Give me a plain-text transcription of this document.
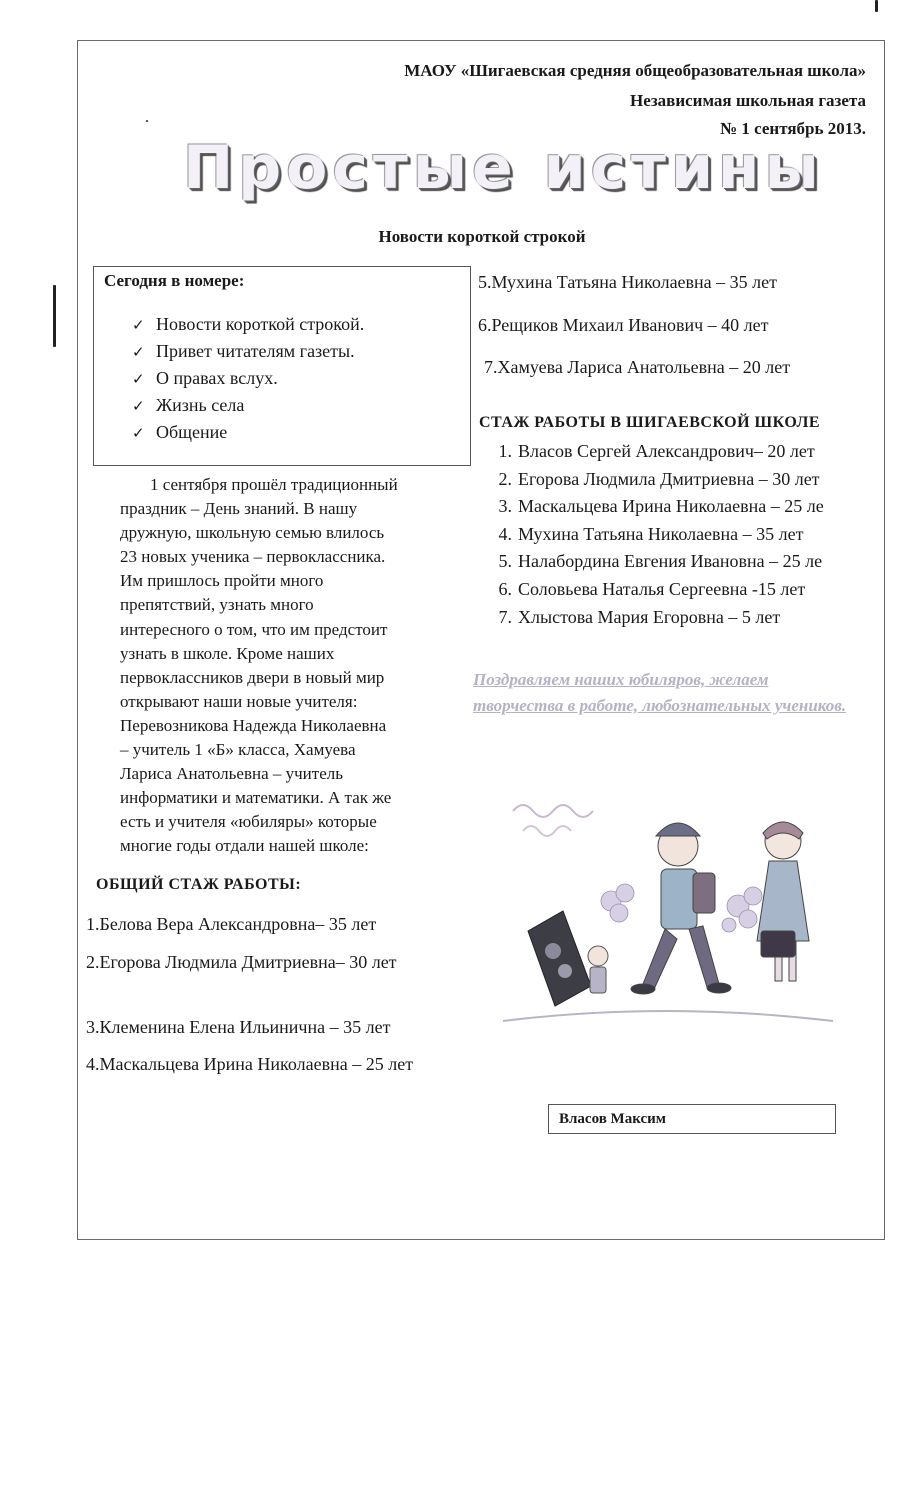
МАОУ «Шигаевская средняя общеобразовательная школа»
Независимая школьная газета
№ 1 сентябрь 2013.
Простые истины
Новости короткой строкой
Сегодня в номере:
✓ Новости короткой строкой.
✓ Привет читателям газеты.
✓ О правах вслух.
✓ Жизнь села
✓ Общение
1 сентября прошёл традиционный
праздник – День знаний. В нашу
дружную, школьную семью влилось
23 новых ученика – первоклассника.
Им пришлось пройти много
препятствий, узнать много
интересного о том, что им предстоит
узнать в школе. Кроме наших
первоклассников двери в новый мир
открывают наши новые учителя:
Перевозникова Надежда Николаевна
– учитель 1 «Б» класса, Хамуева
Лариса Анатольевна – учитель
информатики и математики. А так же
есть и учителя «юбиляры» которые
многие годы отдали нашей школе:
ОБЩИЙ СТАЖ РАБОТЫ:
1.Белова Вера Александровна– 35 лет
2.Егорова Людмила Дмитриевна– 30 лет
3.Клеменина Елена Ильинична – 35 лет
4.Маскальцева Ирина Николаевна – 25 лет
5.Мухина Татьяна Николаевна – 35 лет
6.Рещиков Михаил Иванович – 40 лет
7.Хамуева Лариса Анатольевна – 20 лет
СТАЖ РАБОТЫ В ШИГАЕВСКОЙ ШКОЛЕ
1. Власов Сергей Александрович– 20 лет
2. Егорова Людмила Дмитриевна – 30 лет
3. Маскальцева Ирина Николаевна – 25 ле
4. Мухина Татьяна Николаевна – 35 лет
5. Налабордина Евгения Ивановна – 25 ле
6. Соловьева Наталья Сергеевна -15 лет
7. Хлыстова Мария Егоровна – 5 лет
Поздравляем наших юбиляров, желаем творчества в работе, любознательных учеников.
Власов Максим
